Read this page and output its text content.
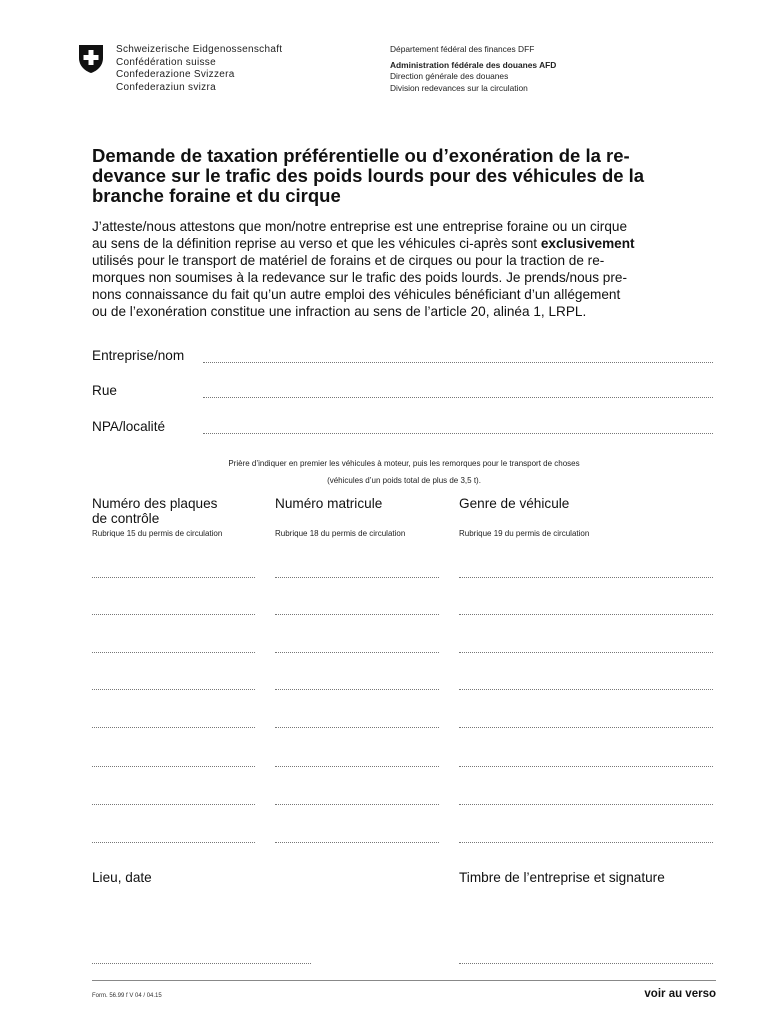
Schweizerische Eidgenossenschaft
Confédération suisse
Confederazione Svizzera
Confederaziun svizra
Département fédéral des finances DFF
Administration fédérale des douanes AFD
Direction générale des douanes
Division redevances sur la circulation
Demande de taxation préférentielle ou d’exonération de la re-
devance sur le trafic des poids lourds pour des véhicules de la
branche foraine et du cirque
J’atteste/nous attestons que mon/notre entreprise est une entreprise foraine ou un cirque
au sens de la définition reprise au verso et que les véhicules ci-après sont exclusivement
utilisés pour le transport de matériel de forains et de cirques ou pour la traction de re-
morques non soumises à la redevance sur le trafic des poids lourds. Je prends/nous pre-
nons connaissance du fait qu’un autre emploi des véhicules bénéficiant d’un allégement
ou de l’exonération constitue une infraction au sens de l’article 20, alinéa 1, LRPL.
Entreprise/nom
Rue
NPA/localité
Prière d’indiquer en premier les véhicules à moteur, puis les remorques pour le transport de choses
(véhicules d’un poids total de plus de 3,5 t).
Numéro des plaques
de contrôle
Rubrique 15 du permis de circulation
Numéro matricule
Rubrique 18 du permis de circulation
Genre de véhicule
Rubrique 19 du permis de circulation
Lieu, date	Timbre de l’entreprise et signature
Form. 56.99 f V 04 / 04.15	voir au verso
